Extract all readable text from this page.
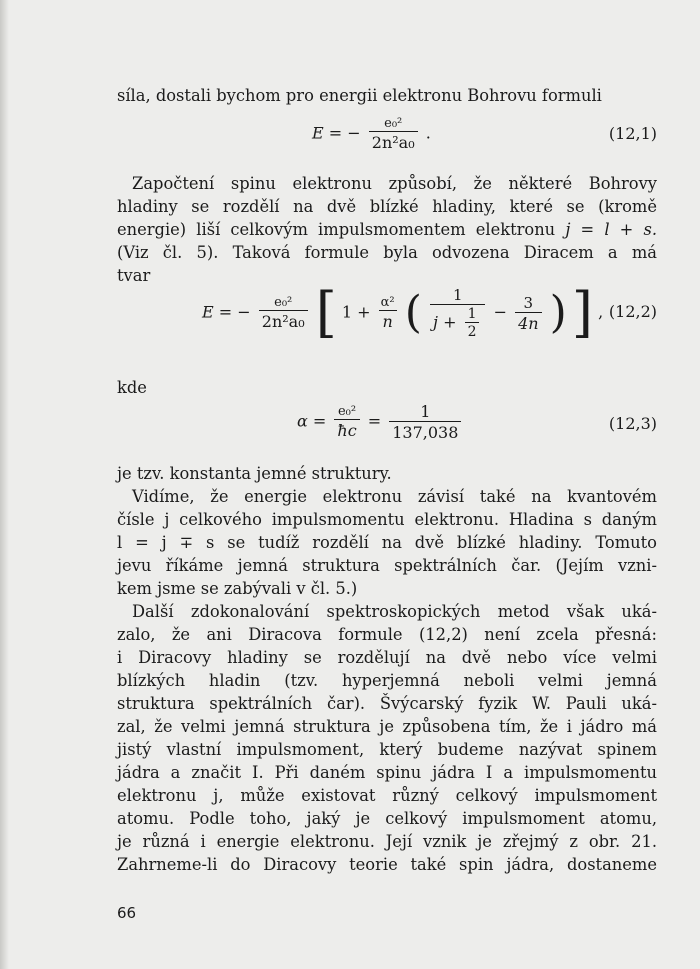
síla, dostali bychom pro energii elektronu Bohrovu formuli
E = − $\frac{\text{e₀²}}{\text{2n²a₀}}$ .	(12,1)
Započtení spinu elektronu způsobí, že některé Bohrovy
hladiny se rozdělí na dvě blízké hladiny, které se (kromě
energie) liší celkovým impulsmomentem elektronu j = l + s.
(Viz čl. 5). Taková formule byla odvozena Diracem a má
tvar
E = − $\frac{\text{e₀²}}{\text{2n²a₀}}$ [ $1 + \frac{\text{α²}}{n}$ ( $\frac{1}{j + \frac{1}{2}} - \frac{3}{4n}$ ) ] , (12,2)
kde
$\alpha = \frac{\text{e₀²}}{ħc} = \frac{1}{137,038}$	(12,3)
je tzv. konstanta jemné struktury.
Vidíme, že energie elektronu závisí také na kvantovém
čísle j celkového impulsmomentu elektronu. Hladina s daným
l = j ∓ s se tudíž rozdělí na dvě blízké hladiny. Tomuto
jevu říkáme jemná struktura spektrálních čar. (Jejím vzni-
kem jsme se zabývali v čl. 5.)
Další zdokonalování spektroskopických metod však uká-
zalo, že ani Diracova formule (12,2) není zcela přesná:
i Diracovy hladiny se rozdělují na dvě nebo více velmi
blízkých hladin (tzv. hyperjemná neboli velmi jemná
struktura spektrálních čar). Švýcarský fyzik W. Pauli uká-
zal, že velmi jemná struktura je způsobena tím, že i jádro má
jistý vlastní impulsmoment, který budeme nazývat spinem
jádra a značit I. Při daném spinu jádra I a impulsmomentu
elektronu j, může existovat různý celkový impulsmoment
atomu. Podle toho, jaký je celkový impulsmoment atomu,
je různá i energie elektronu. Její vznik je zřejmý z obr. 21.
Zahrneme-li do Diracovy teorie také spin jádra, dostaneme
66
